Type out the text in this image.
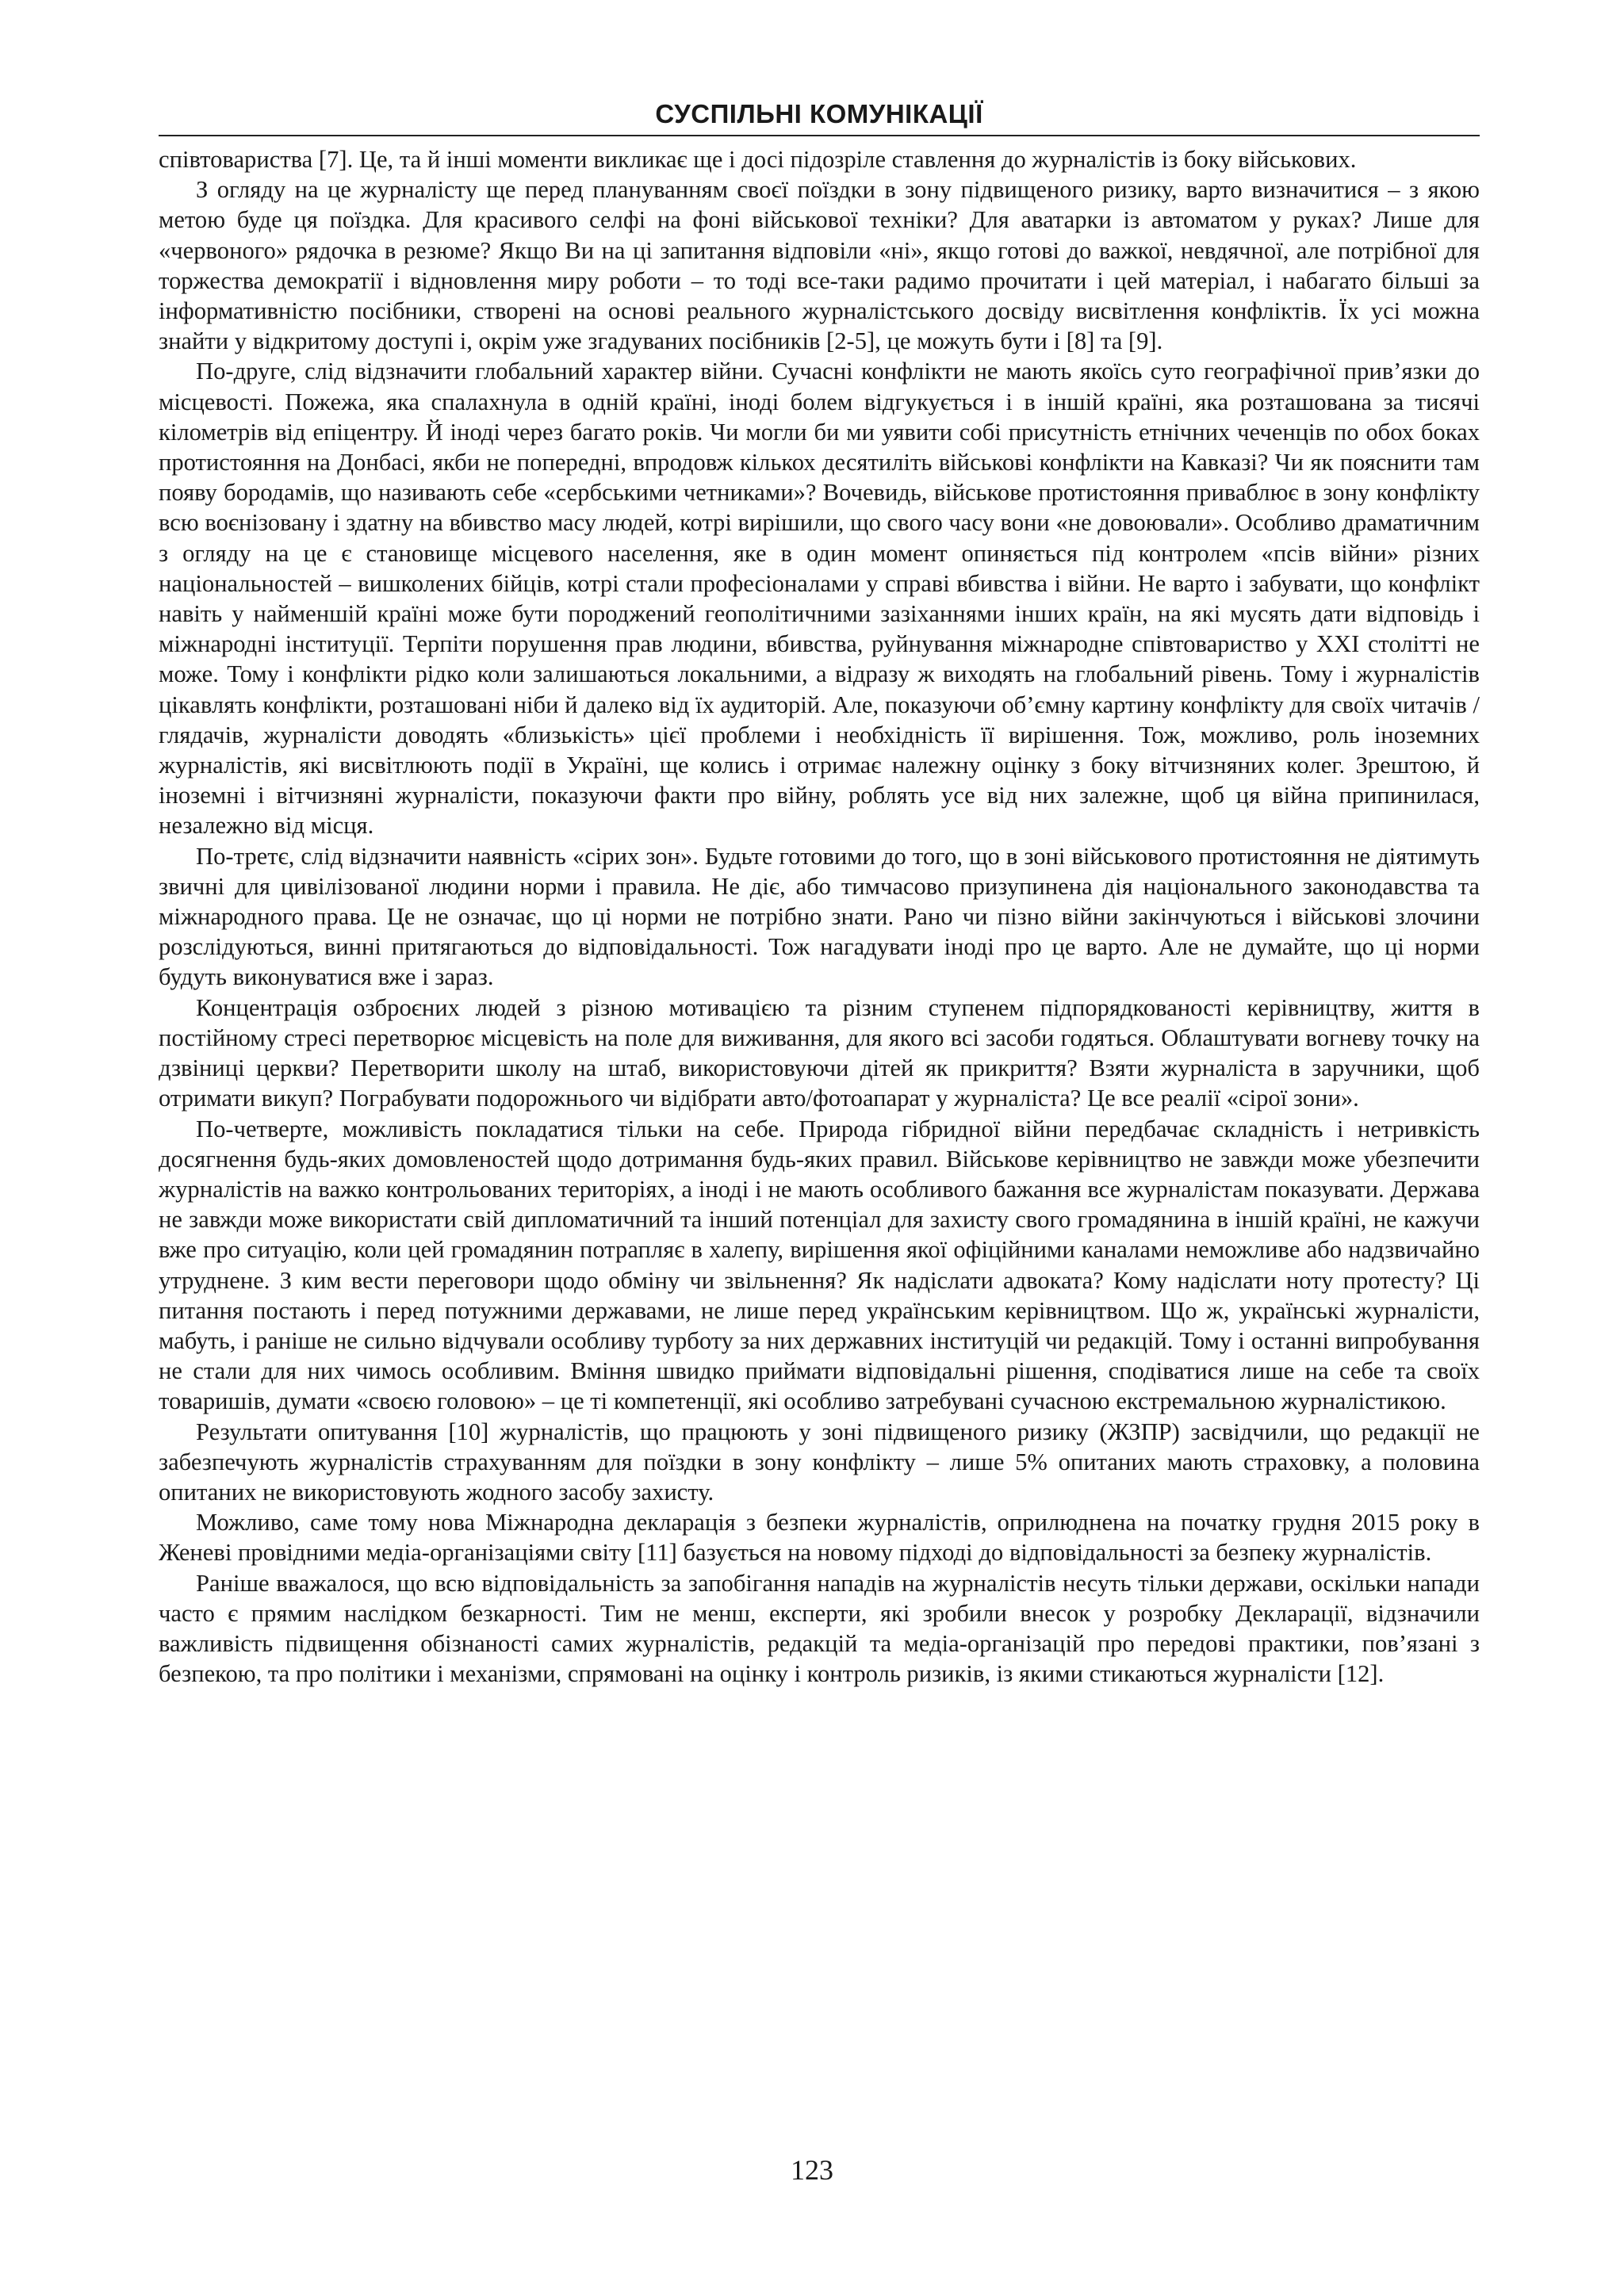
СУСПІЛЬНІ КОМУНІКАЦІЇ

співтовариства [7]. Це, та й інші моменти викликає ще і досі підозріле ставлення до журналістів із боку військових.

З огляду на це журналісту ще перед плануванням своєї поїздки в зону підвищеного ризику, варто визначитися – з якою метою буде ця поїздка. Для красивого селфі на фоні військової техніки? Для аватарки із автоматом у руках? Лише для «червоного» рядочка в резюме? Якщо Ви на ці запитання відповіли «ні», якщо готові до важкої, невдячної, але потрібної для торжества демократії і відновлення миру роботи – то тоді все-таки радимо прочитати і цей матеріал, і набагато більші за інформативністю посібники, створені на основі реального журналістського досвіду висвітлення конфліктів. Їх усі можна знайти у відкритому доступі і, окрім уже згадуваних посібників [2-5], це можуть бути і [8] та [9].

По-друге, слід відзначити глобальний характер війни. Сучасні конфлікти не мають якоїсь суто географічної прив’язки до місцевості. Пожежа, яка спалахнула в одній країні, іноді болем відгукується і в іншій країні, яка розташована за тисячі кілометрів від епіцентру. Й іноді через багато років. Чи могли би ми уявити собі присутність етнічних чеченців по обох боках протистояння на Донбасі, якби не попередні, впродовж кількох десятиліть військові конфлікти на Кавказі? Чи як пояснити там появу бородамів, що називають себе «сербськими четниками»? Вочевидь, військове протистояння приваблює в зону конфлікту всю воєнізовану і здатну на вбивство масу людей, котрі вирішили, що свого часу вони «не довоювали». Особливо драматичним з огляду на це є становище місцевого населення, яке в один момент опиняється під контролем «псів війни» різних національностей – вишколених бійців, котрі стали професіоналами у справі вбивства і війни. Не варто і забувати, що конфлікт навіть у найменшій країні може бути породжений геополітичними зазіханнями інших країн, на які мусять дати відповідь і міжнародні інституції. Терпіти порушення прав людини, вбивства, руйнування міжнародне співтовариство у XXI столітті не може. Тому і конфлікти рідко коли залишаються локальними, а відразу ж виходять на глобальний рівень. Тому і журналістів цікавлять конфлікти, розташовані ніби й далеко від їх аудиторій. Але, показуючи об’ємну картину конфлікту для своїх читачів / глядачів, журналісти доводять «близькість» цієї проблеми і необхідність її вирішення. Тож, можливо, роль іноземних журналістів, які висвітлюють події в Україні, ще колись і отримає належну оцінку з боку вітчизняних колег. Зрештою, й іноземні і вітчизняні журналісти, показуючи факти про війну, роблять усе від них залежне, щоб ця війна припинилася, незалежно від місця.

По-третє, слід відзначити наявність «сірих зон». Будьте готовими до того, що в зоні військового протистояння не діятимуть звичні для цивілізованої людини норми і правила. Не діє, або тимчасово призупинена дія національного законодавства та міжнародного права. Це не означає, що ці норми не потрібно знати. Рано чи пізно війни закінчуються і військові злочини розслідуються, винні притягаються до відповідальності. Тож нагадувати іноді про це варто. Але не думайте, що ці норми будуть виконуватися вже і зараз.

Концентрація озброєних людей з різною мотивацією та різним ступенем підпорядкованості керівництву, життя в постійному стресі перетворює місцевість на поле для виживання, для якого всі засоби годяться. Облаштувати вогневу точку на дзвіниці церкви? Перетворити школу на штаб, використовуючи дітей як прикриття? Взяти журналіста в заручники, щоб отримати викуп? Пограбувати подорожнього чи відібрати авто/фотоапарат у журналіста? Це все реалії «сірої зони».

По-четверте, можливість покладатися тільки на себе. Природа гібридної війни передбачає складність і нетривкість досягнення будь-яких домовленостей щодо дотримання будь-яких правил. Військове керівництво не завжди може убезпечити журналістів на важко контрольованих територіях, а іноді і не мають особливого бажання все журналістам показувати. Держава не завжди може використати свій дипломатичний та інший потенціал для захисту свого громадянина в іншій країні, не кажучи вже про ситуацію, коли цей громадянин потрапляє в халепу, вирішення якої офіційними каналами неможливе або надзвичайно утруднене. З ким вести переговори щодо обміну чи звільнення? Як надіслати адвоката? Кому надіслати ноту протесту? Ці питання постають і перед потужними державами, не лише перед українським керівництвом. Що ж, українські журналісти, мабуть, і раніше не сильно відчували особливу турботу за них державних інституцій чи редакцій. Тому і останні випробування не стали для них чимось особливим. Вміння швидко приймати відповідальні рішення, сподіватися лише на себе та своїх товаришів, думати «своєю головою» – це ті компетенції, які особливо затребувані сучасною екстремальною журналістикою.

Результати опитування [10] журналістів, що працюють у зоні підвищеного ризику (ЖЗПР) засвідчили, що редакції не забезпечують журналістів страхуванням для поїздки в зону конфлікту – лише 5% опитаних мають страховку, а половина опитаних не використовують жодного засобу захисту.

Можливо, саме тому нова Міжнародна декларація з безпеки журналістів, оприлюднена на початку грудня 2015 року в Женеві провідними медіа-організаціями світу [11] базується на новому підході до відповідальності за безпеку журналістів.

Раніше вважалося, що всю відповідальність за запобігання нападів на журналістів несуть тільки держави, оскільки напади часто є прямим наслідком безкарності. Тим не менш, експерти, які зробили внесок у розробку Декларації, відзначили важливість підвищення обізнаності самих журналістів, редакцій та медіа-організацій про передові практики, пов’язані з безпекою, та про політики і механізми, спрямовані на оцінку і контроль ризиків, із якими стикаються журналісти [12].

123
